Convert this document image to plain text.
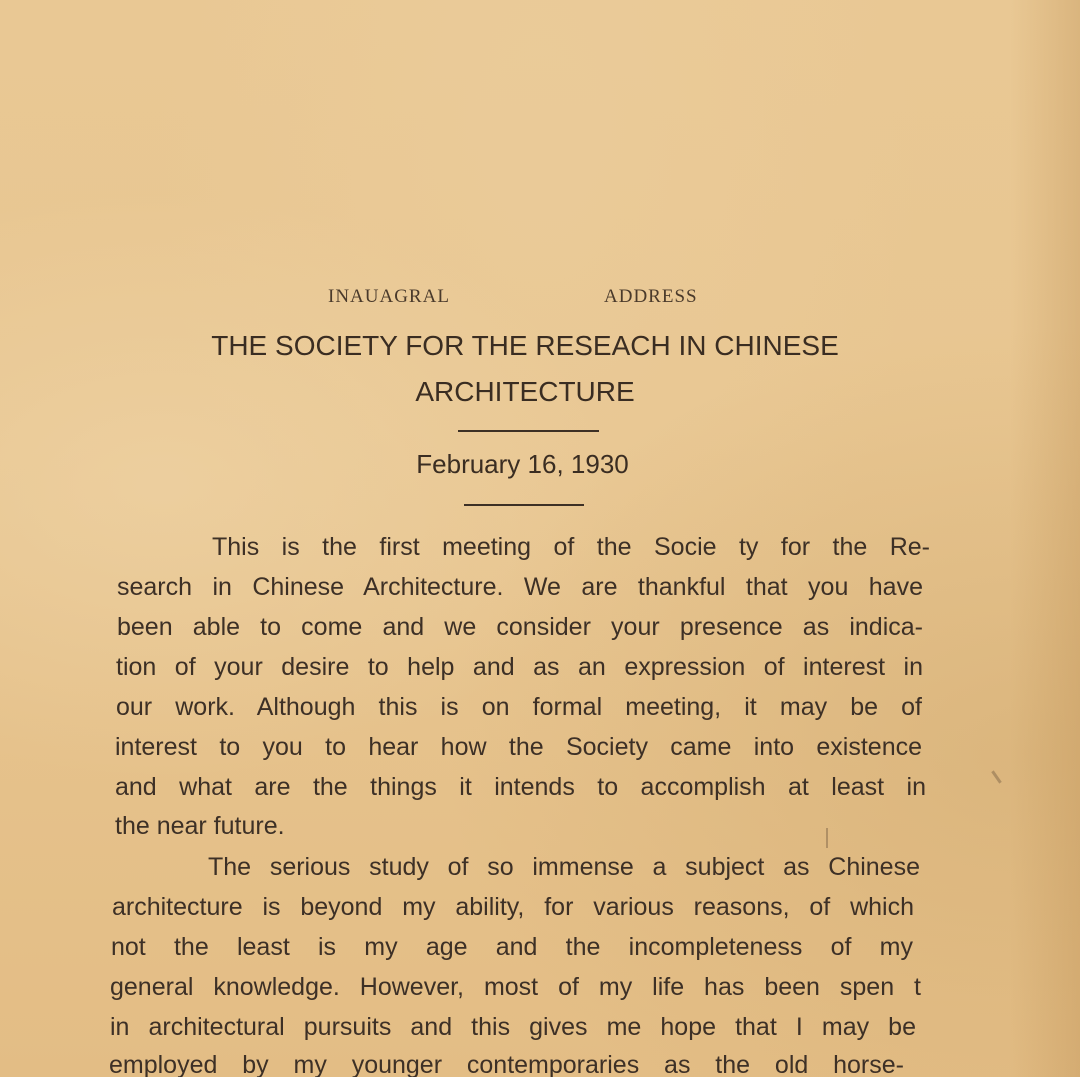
INAUAGRAL	ADDRESS
THE SOCIETY FOR THE RESEACH IN CHINESE
ARCHITECTURE
February 16, 1930
This is the first meeting of the Socie ty for the Re-
search in Chinese Architecture. We are thankful that you have
been able to come and we consider your presence as indica-
tion of your desire to help and as an expression of interest in
our work. Although this is on formal meeting, it may be of
interest to you to hear how the Society came into existence
and what are the things it intends to accomplish at least in
the near future.
The serious study of so immense a subject as Chinese
architecture is beyond my ability, for various reasons, of which
not the least is my age and the incompleteness of my
general knowledge. However, most of my life has been spen t
in architectural pursuits and this gives me hope that I may be
employed by my younger contemporaries as the old horse-
